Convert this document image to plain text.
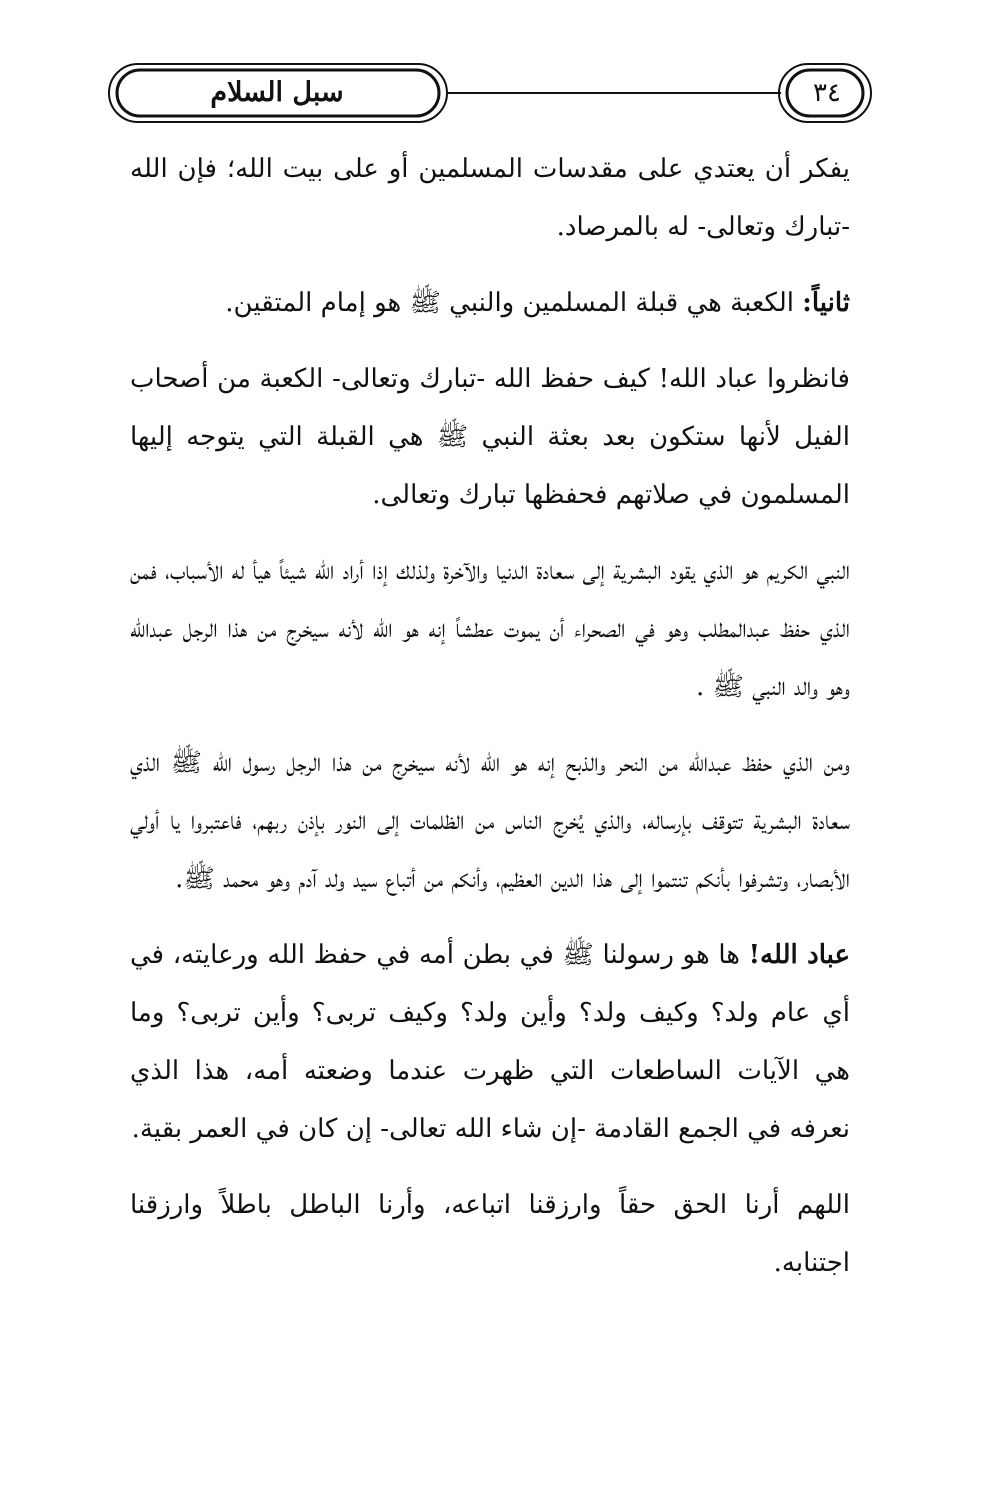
سبل السلام	٣٤

يفكر أن يعتدي على مقدسات المسلمين أو على بيت الله؛ فإن الله -تبارك وتعالى- له بالمرصاد.

ثانياً: الكعبة هي قبلة المسلمين والنبي ﷺ هو إمام المتقين.

فانظروا عباد الله! كيف حفظ الله -تبارك وتعالى- الكعبة من أصحاب الفيل لأنها ستكون بعد بعثة النبي ﷺ هي القبلة التي يتوجه إليها المسلمون في صلاتهم فحفظها تبارك وتعالى.

النبي الكريم هو الذي يقود البشرية إلى سعادة الدنيا والآخرة ولذلك إذا أراد الله شيئاً هيأ له الأسباب، فمن الذي حفظ عبدالمطلب وهو في الصحراء أن يموت عطشاً إنه هو الله لأنه سيخرج من هذا الرجل عبدالله وهو والد النبي ﷺ .

ومن الذي حفظ عبدالله من النحر والذبح إنه هو الله لأنه سيخرج من هذا الرجل رسول الله ﷺ الذي سعادة البشرية تتوقف بإرساله، والذي يُخرج الناس من الظلمات إلى النور بإذن ربهم، فاعتبروا يا أولي الأبصار، وتشرفوا بأنكم تنتموا إلى هذا الدين العظيم، وأنكم من أتباع سيد ولد آدم وهو محمد ﷺ.

عباد الله! ها هو رسولنا ﷺ في بطن أمه في حفظ الله ورعايته، في أي عام ولد؟ وكيف ولد؟ وأين ولد؟ وكيف تربى؟ وأين تربى؟ وما هي الآيات الساطعات التي ظهرت عندما وضعته أمه، هذا الذي نعرفه في الجمع القادمة -إن شاء الله تعالى- إن كان في العمر بقية.

اللهم أرنا الحق حقاً وارزقنا اتباعه، وأرنا الباطل باطلاً وارزقنا اجتنابه.
